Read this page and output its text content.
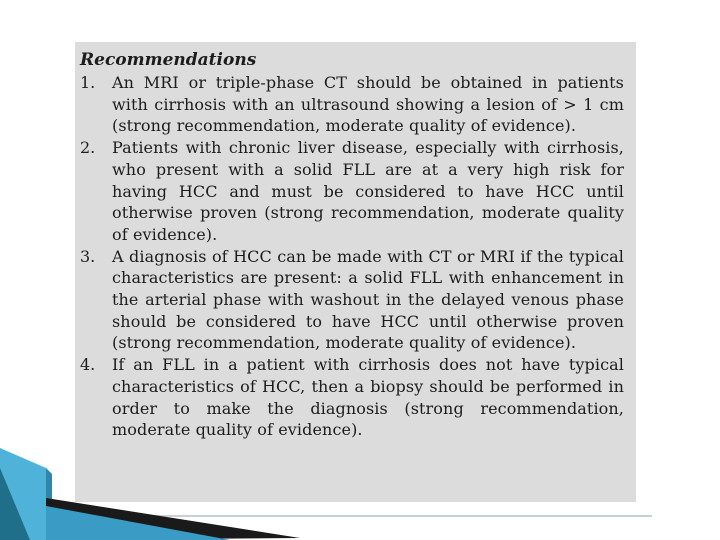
Recommendations
1.	An MRI or triple-phase CT should be obtained in patients with cirrhosis with an ultrasound showing a lesion of > 1 cm (strong recommendation, moderate quality of evidence).
2.	Patients with chronic liver disease, especially with cirrhosis, who present with a solid FLL are at a very high risk for having HCC and must be considered to have HCC until otherwise proven (strong recommendation, moderate quality of evidence).
3.	A diagnosis of HCC can be made with CT or MRI if the typical characteristics are present: a solid FLL with enhancement in the arterial phase with washout in the delayed venous phase should be considered to have HCC until otherwise proven (strong recommendation, moderate quality of evidence).
4.	If an FLL in a patient with cirrhosis does not have typical characteristics of HCC, then a biopsy should be performed in order to make the diagnosis (strong recommendation, moderate quality of evidence).
